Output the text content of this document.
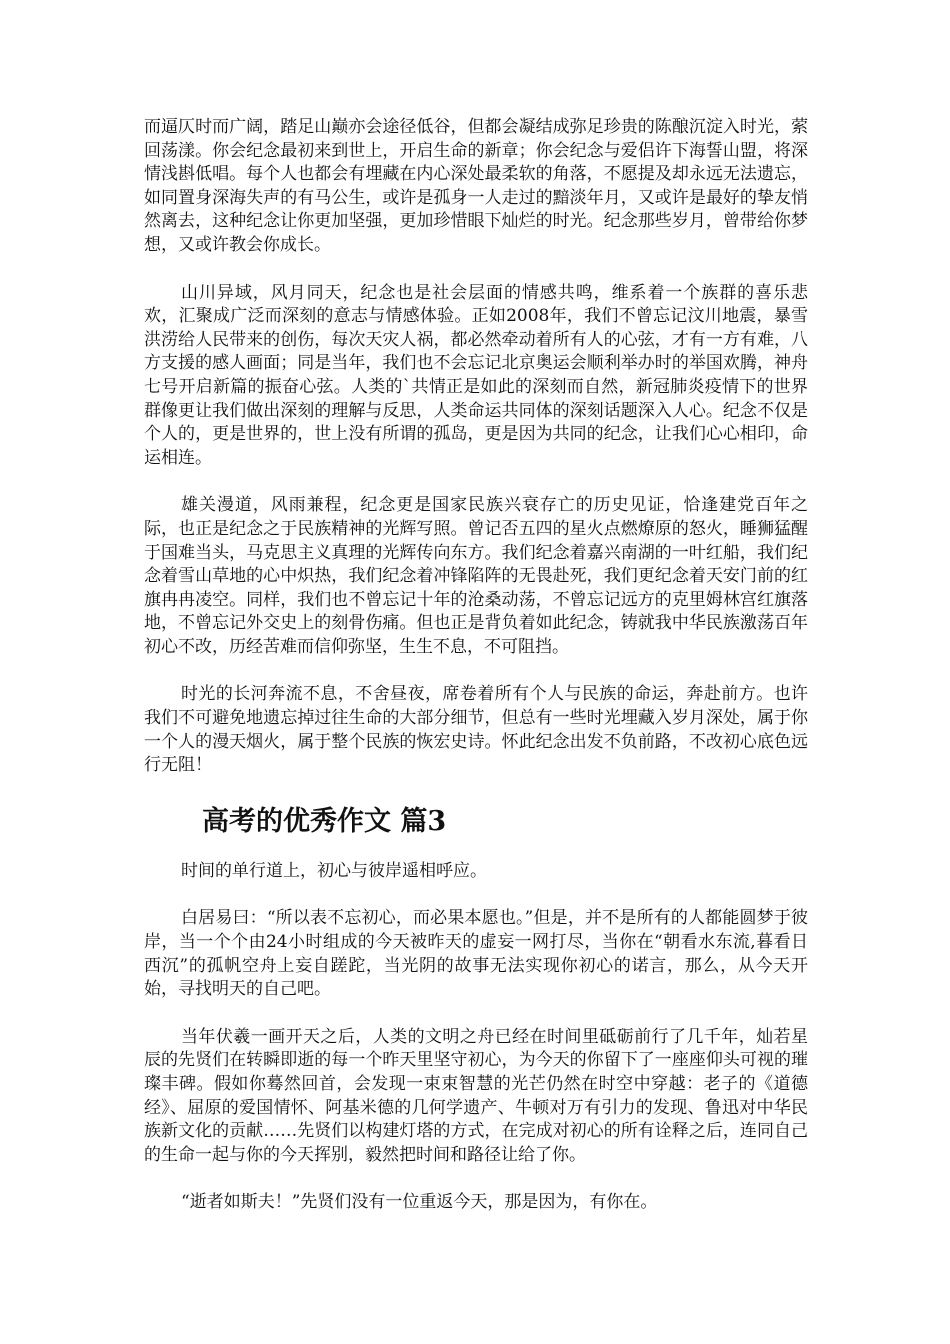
而逼仄时而广阔，踏足山巅亦会途径低谷，但都会凝结成弥足珍贵的陈酿沉淀入时光，萦回荡漾。你会纪念最初来到世上，开启生命的新章；你会纪念与爱侣许下海誓山盟，将深情浅斟低唱。每个人也都会有埋藏在内心深处最柔软的角落，不愿提及却永远无法遗忘，如同置身深海失声的有马公生，或许是孤身一人走过的黯淡年月，又或许是最好的挚友悄然离去，这种纪念让你更加坚强，更加珍惜眼下灿烂的时光。纪念那些岁月，曾带给你梦想，又或许教会你成长。

山川异域，风月同天，纪念也是社会层面的情感共鸣，维系着一个族群的喜乐悲欢，汇聚成广泛而深刻的意志与情感体验。正如2008年，我们不曾忘记汶川地震，暴雪洪涝给人民带来的创伤，每次天灾人祸，都必然牵动着所有人的心弦，才有一方有难，八方支援的感人画面；同是当年，我们也不会忘记北京奥运会顺利举办时的举国欢腾，神舟七号开启新篇的振奋心弦。人类的`共情正是如此的深刻而自然，新冠肺炎疫情下的世界群像更让我们做出深刻的理解与反思，人类命运共同体的深刻话题深入人心。纪念不仅是个人的，更是世界的，世上没有所谓的孤岛，更是因为共同的纪念，让我们心心相印，命运相连。

雄关漫道，风雨兼程，纪念更是国家民族兴衰存亡的历史见证，恰逢建党百年之际，也正是纪念之于民族精神的光辉写照。曾记否五四的星火点燃燎原的怒火，睡狮猛醒于国难当头，马克思主义真理的光辉传向东方。我们纪念着嘉兴南湖的一叶红船，我们纪念着雪山草地的心中炽热，我们纪念着冲锋陷阵的无畏赴死，我们更纪念着天安门前的红旗冉冉凌空。同样，我们也不曾忘记十年的沧桑动荡，不曾忘记远方的克里姆林宫红旗落地，不曾忘记外交史上的刻骨伤痛。但也正是背负着如此纪念，铸就我中华民族激荡百年初心不改，历经苦难而信仰弥坚，生生不息，不可阻挡。

时光的长河奔流不息，不舍昼夜，席卷着所有个人与民族的命运，奔赴前方。也许我们不可避免地遗忘掉过往生命的大部分细节，但总有一些时光埋藏入岁月深处，属于你一个人的漫天烟火，属于整个民族的恢宏史诗。怀此纪念出发不负前路，不改初心底色远行无阻！

高考的优秀作文 篇3

时间的单行道上，初心与彼岸遥相呼应。

白居易曰：“所以表不忘初心，而必果本愿也。”但是，并不是所有的人都能圆梦于彼岸，当一个个由24小时组成的今天被昨天的虚妄一网打尽，当你在“朝看水东流,暮看日西沉”的孤帆空舟上妄自蹉跎，当光阴的故事无法实现你初心的诺言，那么，从今天开始，寻找明天的自己吧。

当年伏羲一画开天之后，人类的文明之舟已经在时间里砥砺前行了几千年，灿若星辰的先贤们在转瞬即逝的每一个昨天里坚守初心，为今天的你留下了一座座仰头可视的璀璨丰碑。假如你蓦然回首，会发现一束束智慧的光芒仍然在时空中穿越：老子的《道德经》、屈原的爱国情怀、阿基米德的几何学遗产、牛顿对万有引力的发现、鲁迅对中华民族新文化的贡献……先贤们以构建灯塔的方式，在完成对初心的所有诠释之后，连同自己的生命一起与你的今天挥别，毅然把时间和路径让给了你。

“逝者如斯夫！”先贤们没有一位重返今天，那是因为，有你在。
